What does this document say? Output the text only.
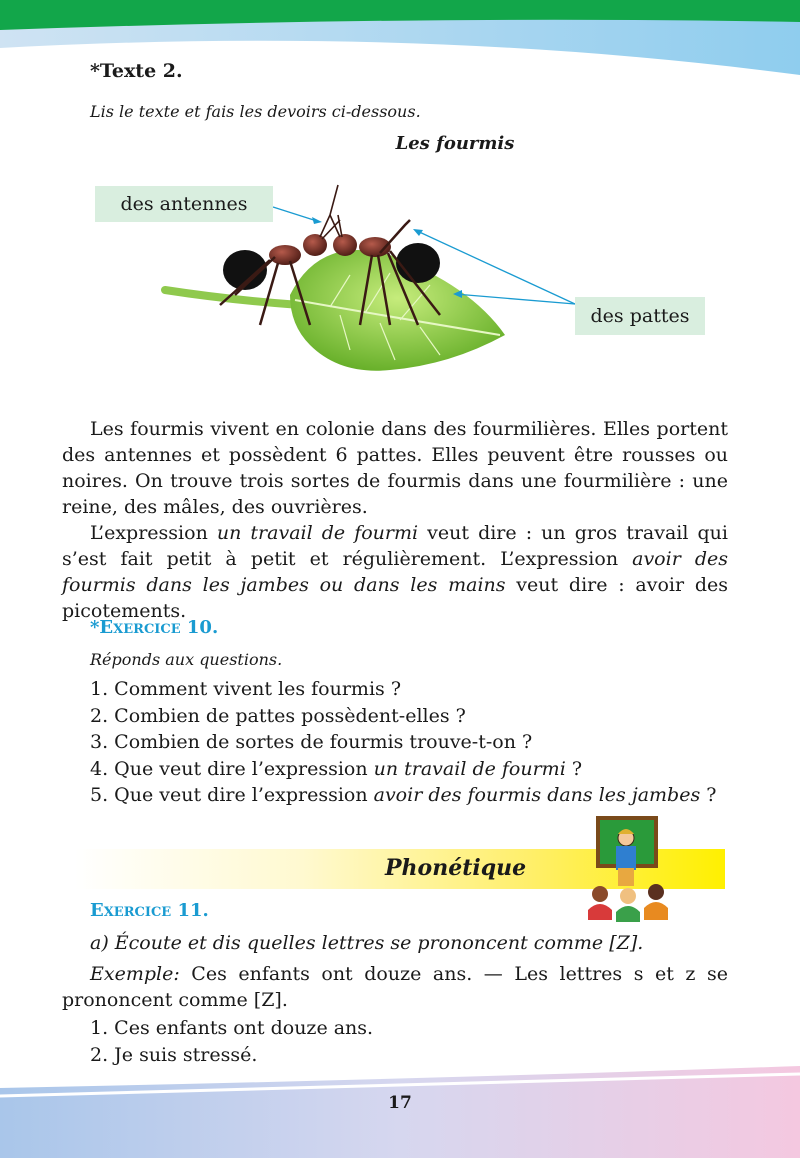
*Texte 2.
Lis le texte et fais les devoirs ci-dessous.
Les fourmis
des antennes
des pattes

Les fourmis vivent en colonie dans des fourmilières. Elles portent des antennes et possèdent 6 pattes. Elles peuvent être rousses ou noires. On trouve trois sortes de fourmis dans une fourmilière : une reine, des mâles, des ouvrières.

L’expression un travail de fourmi veut dire : un gros travail qui s’est fait petit à petit et régulièrement. L’expression avoir des fourmis dans les jambes ou dans les mains veut dire : avoir des picotements.

*Exercice 10.
Réponds aux questions.
1. Comment vivent les fourmis ?
2. Combien de pattes possèdent-elles ?
3. Combien de sortes de fourmis trouve-t-on ?
4. Que veut dire l’expression un travail de fourmi ?
5. Que veut dire l’expression avoir des fourmis dans les jambes ?
Phonétique
Exercice 11.
a) Écoute et dis quelles lettres se prononcent comme [Z].

Exemple: Ces enfants ont douze ans. — Les lettres s et z se prononcent comme [Z].

1. Ces enfants ont douze ans.
2. Je suis stressé.
17
